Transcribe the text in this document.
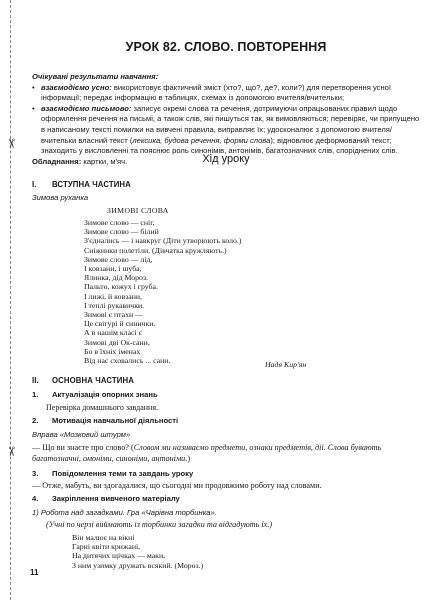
✂
✂
УРОК 82. СЛОВО. ПОВТОРЕННЯ
Очікувані результати навчання:
• взаємодіємо усно: використовує фактичний зміст (хто?, що?, де?, коли?) для перетворення усної інформації; передає інформацію в таблицях, схемах із допомогою вчителя/вчительки;
• взаємодіємо письмово: записує окремі слова та речення, дотримуючи опрацьованих правил щодо оформлення речення на письмі, а також слів, які пишуться так, як вимовляються; перевіряє, чи припущено в написаному тексті помилки на вивчені правила, виправляє їх; удосконалює з допомогою вчителя/вчительки власний текст (лексика, будова речення, форми слова); відновлює деформований текст; знаходить у висловленні та пояснює роль синонімів, антонімів, багатозначних слів, споріднених слів.
Обладнання: картки, м'яч.	Хід уроку
I. ВСТУПНА ЧАСТИНА
Зимова руханка
ЗИМОВІ СЛОВА
Зимове слово — сніг,
Зимове слово — білий
З'єднались — і навкруг (Діти утворюють коло.)
Сніжинки полетіли. (Дівчатка кружляють.)
Зимове слово — лід,
І ковзани, і шуба,
Ялинка, дід Мороз.
Пальто, кожух і груба.
І лижі, й ковзани,
І теплі рукавички.
Зимові є птахи —
Це свігурі й синички.
А в нашім класі є
Зимові дві Ок-сани,
Бо в їхніх іменах
Від нас сховались ... сани.	Надя Кир'ян
II. ОСНОВНА ЧАСТИНА
1. Актуалізація опорних знань
Перевірка домашнього завдання.
2. Мотивація навчальної діяльності
Вправа «Мозковий штурм»
— Що ви знаєте про слово? (Словом ми називаємо предмети, ознаки предметів, дії. Слова бувають багатозначні, омоніми, синоніми, антоніми.)
3. Повідомлення теми та завдань уроку
— Отже, мабуть, ви здогадалися, що сьогодні ми продовжимо роботу над словами.
4. Закріплення вивченого матеріалу
1) Робота над загадками. Гра «Чарівна торбинка».
(Учні по черзі виймають із торбинки загадки та відгадують їх.)
Він малює на вікні
Гарні квіти крижані,
На дитячих щічках — маки,
З ним узимку дружать всякий. (Мороз.)
11
